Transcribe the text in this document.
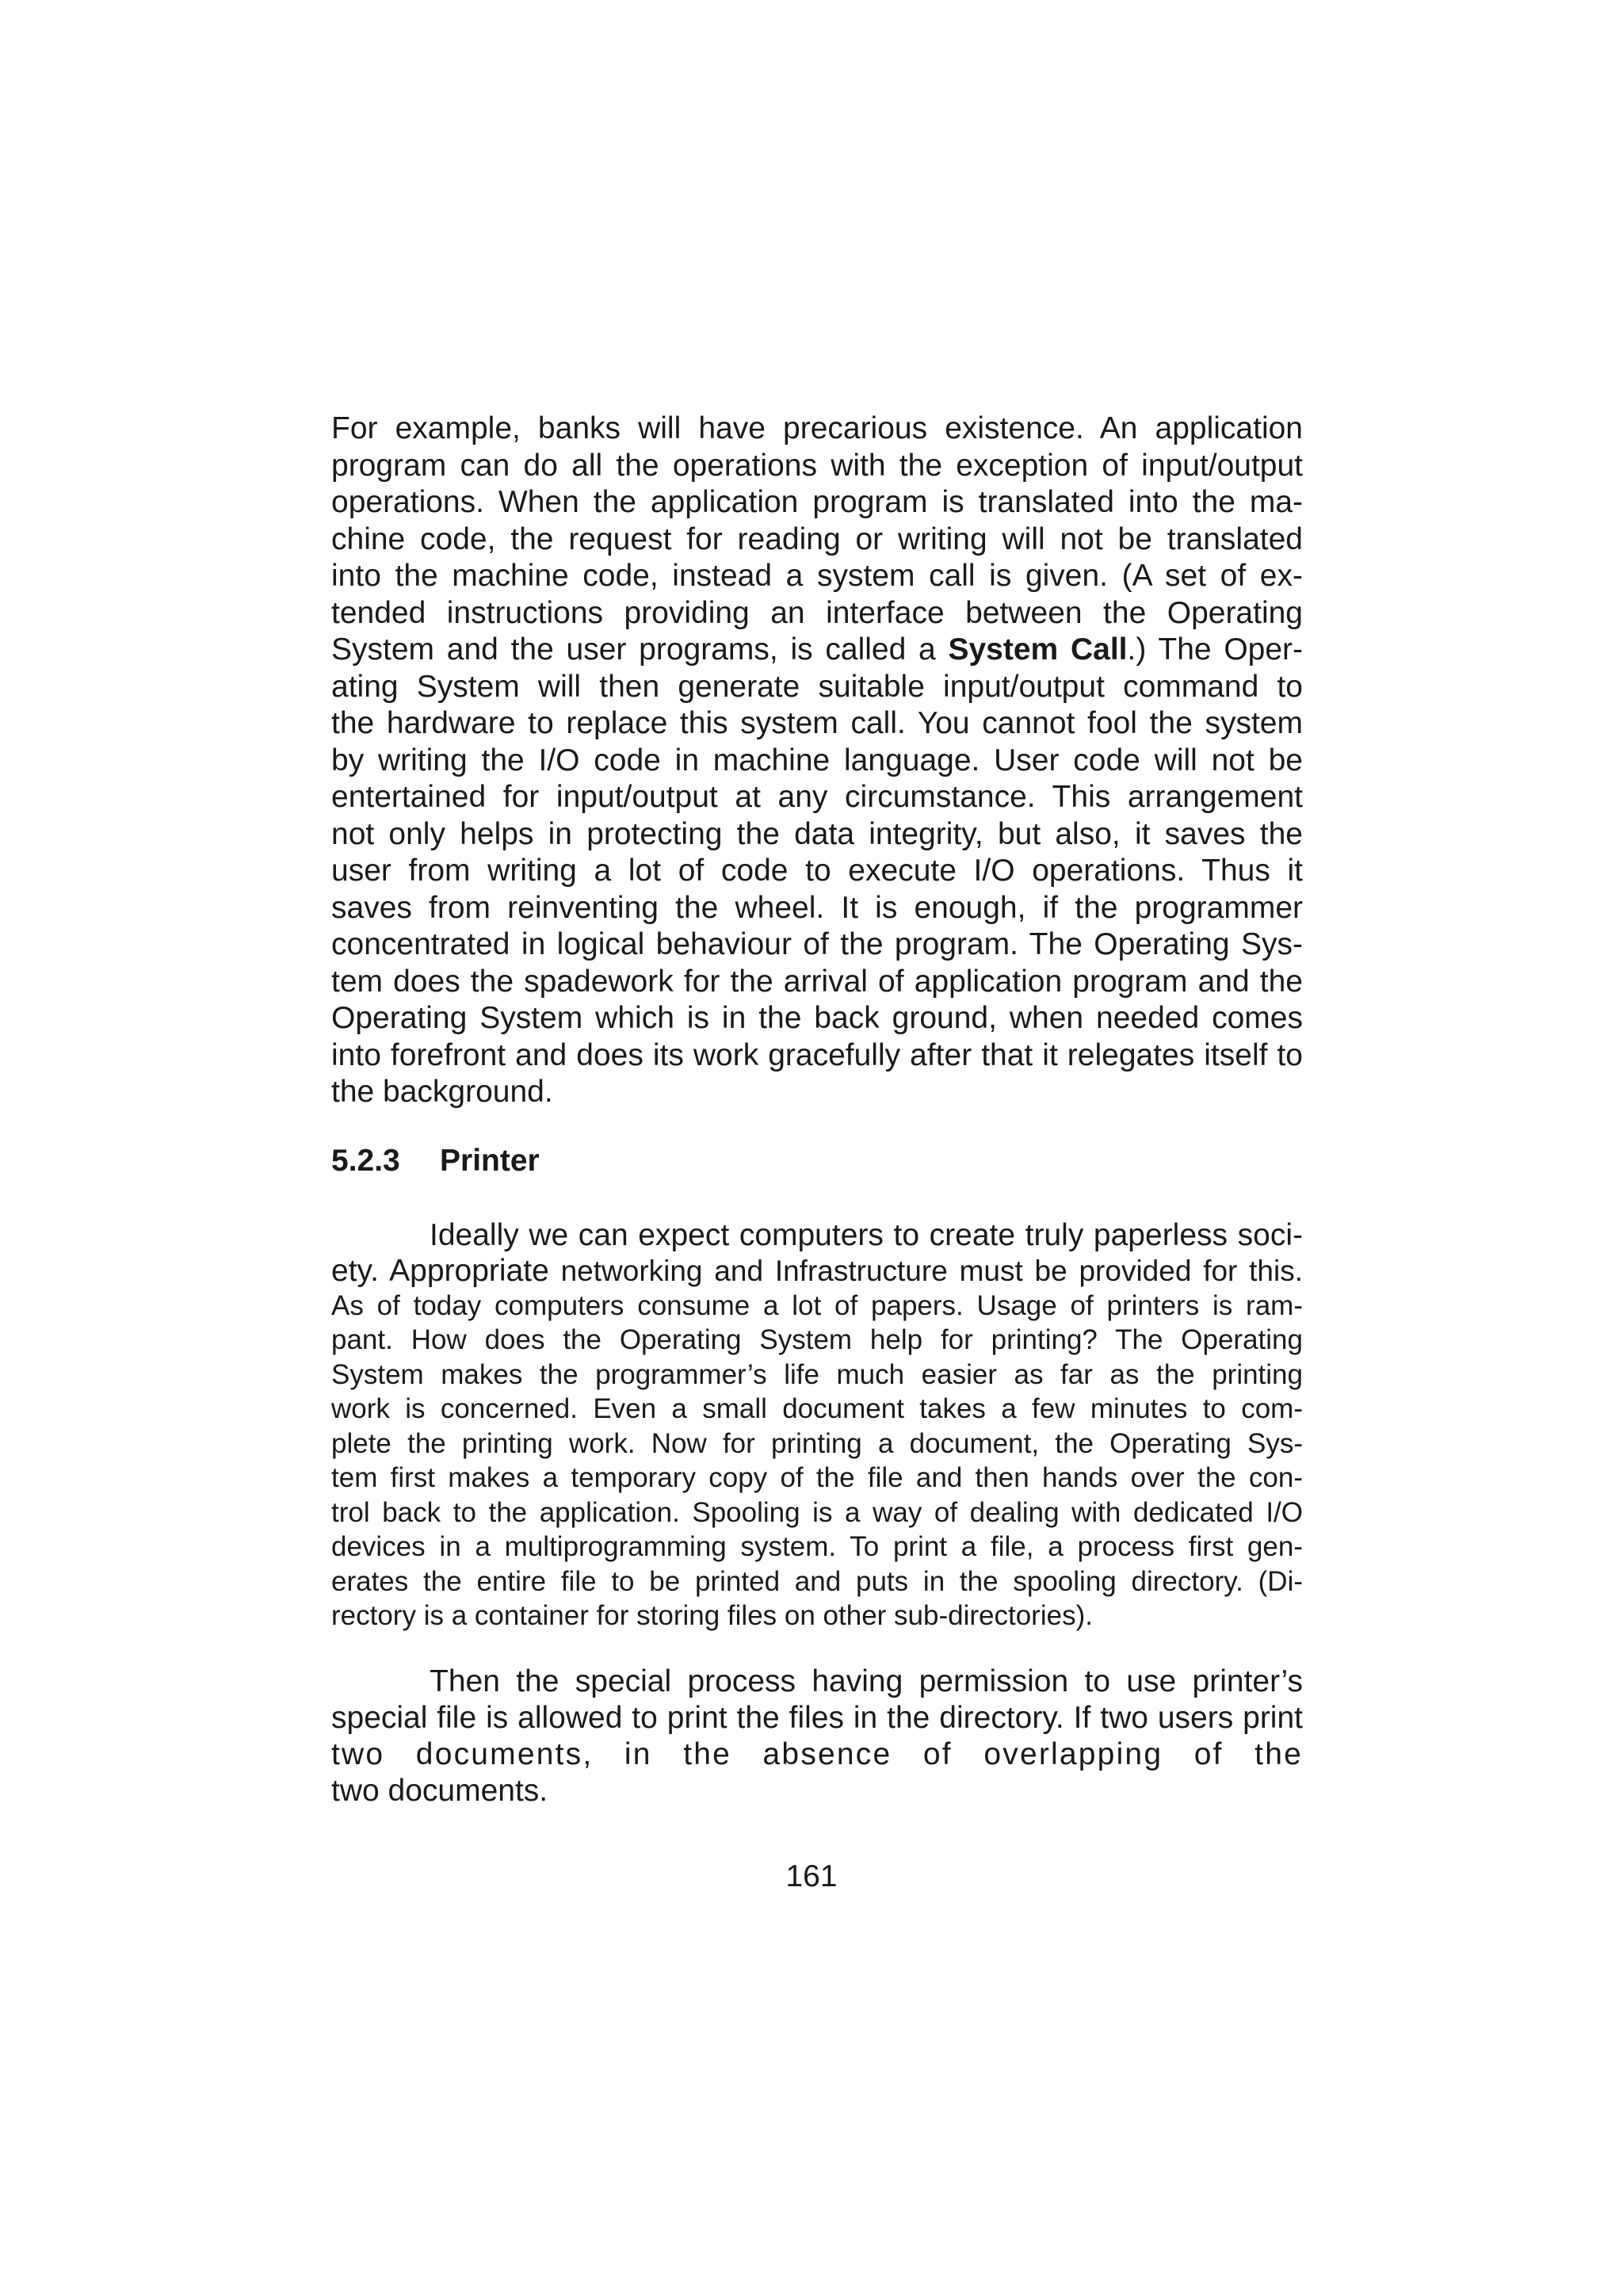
For example, banks will have precarious existence. An application
program can do all the operations with the exception of input/output
operations. When the application program is translated into the ma-
chine code, the request for reading or writing will not be translated
into the machine code, instead a system call is given. (A set of ex-
tended instructions providing an interface between the Operating
System and the user programs, is called a System Call.) The Oper-
ating System will then generate suitable input/output command to
the hardware to replace this system call. You cannot fool the system
by writing the I/O code in machine language. User code will not be
entertained for input/output at any circumstance. This arrangement
not only helps in protecting the data integrity, but also, it saves the
user from writing a lot of code to execute I/O operations. Thus it
saves from reinventing the wheel. It is enough, if the programmer
concentrated in logical behaviour of the program. The Operating Sys-
tem does the spadework for the arrival of application program and the
Operating System which is in the back ground, when needed comes
into forefront and does its work gracefully after that it relegates itself to
the background.
5.2.3 Printer
Ideally we can expect computers to create truly paperless soci-
ety. Appropriate networking and Infrastructure must be provided for this.
As of today computers consume a lot of papers. Usage of printers is ram-
pant. How does the Operating System help for printing? The Operating
System makes the programmer’s life much easier as far as the printing
work is concerned. Even a small document takes a few minutes to com-
plete the printing work. Now for printing a document, the Operating Sys-
tem first makes a temporary copy of the file and then hands over the con-
trol back to the application. Spooling is a way of dealing with dedicated I/O
devices in a multiprogramming system. To print a file, a process first gen-
erates the entire file to be printed and puts in the spooling directory. (Di-
rectory is a container for storing files on other sub-directories).
Then the special process having permission to use printer’s
special file is allowed to print the files in the directory. If two users print
two documents, in the absence of overlapping of the
two documents.
161
